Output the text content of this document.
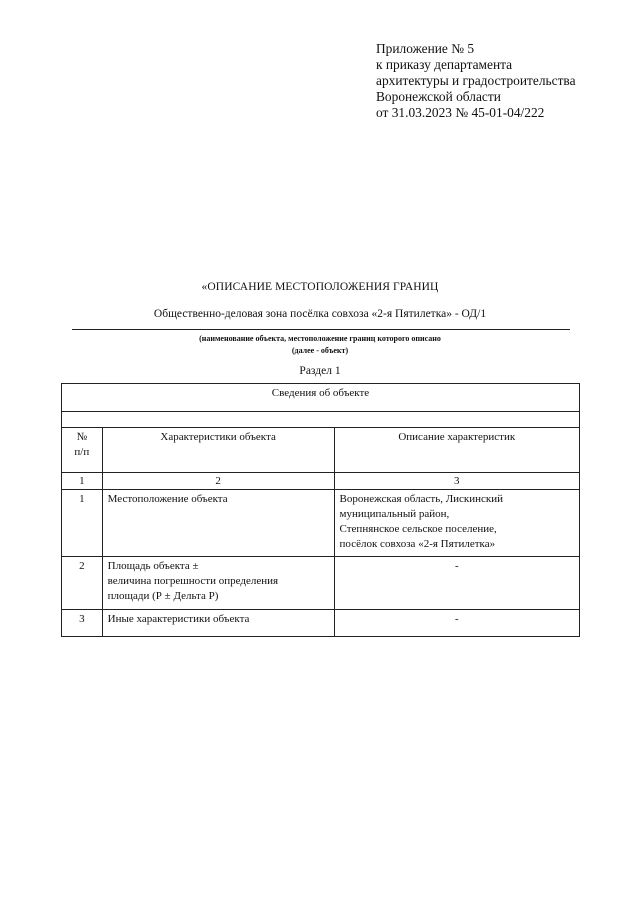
Приложение № 5
к приказу департамента
архитектуры и градостроительства
Воронежской области
от 31.03.2023 № 45-01-04/222
«ОПИСАНИЕ МЕСТОПОЛОЖЕНИЯ ГРАНИЦ
Общественно-деловая зона посёлка совхоза «2-я Пятилетка» - ОД/1
(наименование объекта, местоположение границ которого описано
(далее - объект)
Раздел 1
Сведения об объекте		

№
п/п	Характеристики объекта	Описание характеристик
1	2	3
1	Местоположение объекта	Воронежская область, Лискинский
муниципальный район,
Степнянское сельское поселение,
посёлок совхоза «2-я Пятилетка»

2	Площадь объекта ±
величина погрешности определения
площади (Р ± Дельта Р)	-
3	Иные характеристики объекта	-
